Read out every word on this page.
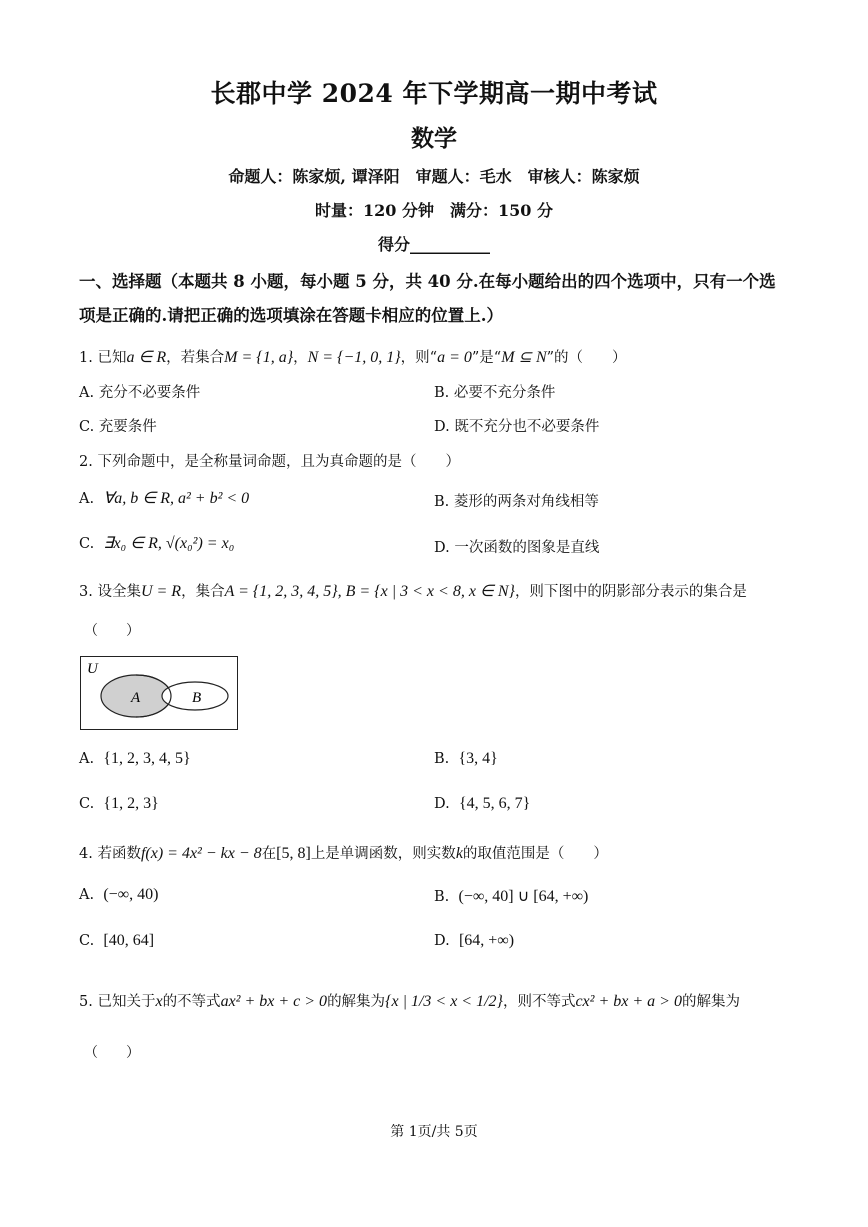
长郡中学 2024 年下学期高一期中考试
数学
命题人：陈家烦, 谭泽阳　审题人：毛水　审核人：陈家烦
时量：120 分钟　满分：150 分
得分__________
一、选择题（本题共 8 小题，每小题 5 分，共 40 分.在每小题给出的四个选项中，只有一个选
项是正确的.请把正确的选项填涂在答题卡相应的位置上.）
1. 已知a ∈ R，若集合M = {1, a}，N = {−1, 0, 1}，则“a = 0”是“M ⊆ N”的（　　）
A. 充分不必要条件	B. 必要不充分条件
C. 充要条件	D. 既不充分也不必要条件
2. 下列命题中，是全称量词命题，且为真命题的是（　　）
A. ∀a, b ∈ R, a² + b² < 0	B. 菱形的两条对角线相等
C. ∃x₀ ∈ R, √(x₀²) = x₀	D. 一次函数的图象是直线
3. 设全集U = R，集合A = {1, 2, 3, 4, 5}, B = {x | 3 < x < 8, x ∈ N}，则下图中的阴影部分表示的集合是
（　　）
U
A	B
A. {1, 2, 3, 4, 5}	B. {3, 4}
C. {1, 2, 3}	D. {4, 5, 6, 7}
4. 若函数f(x) = 4x² − kx − 8在[5, 8]上是单调函数，则实数k的取值范围是（　　）
A. (−∞, 40)	B. (−∞, 40] ∪ [64, +∞)
C. [40, 64]	D. [64, +∞)
5. 已知关于x的不等式ax² + bx + c > 0的解集为{x | 1/3 < x < 1/2}，则不等式cx² + bx + a > 0的解集为
（　　）
第 1页/共 5页
